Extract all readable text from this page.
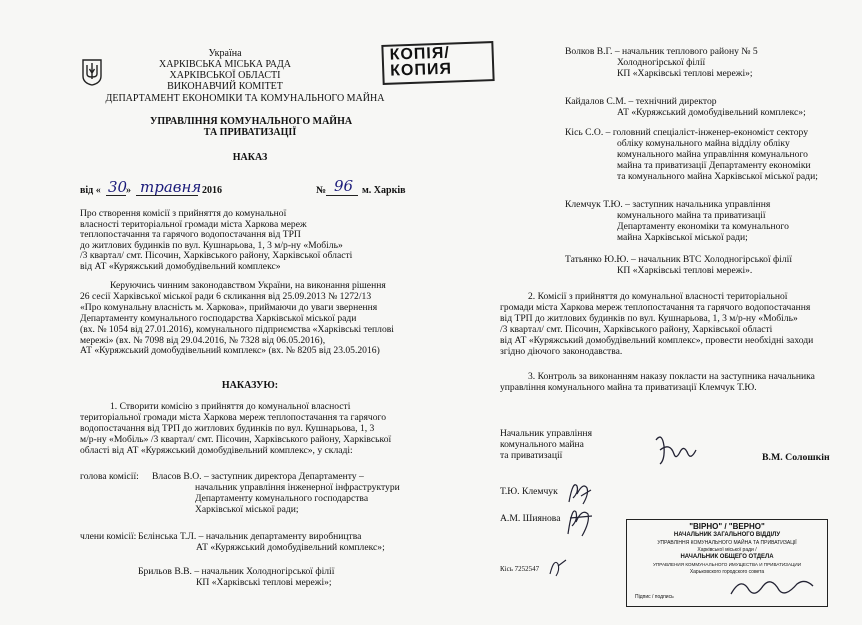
Україна
ХАРКІВСЬКА МІСЬКА РАДА
ХАРКІВСЬКОЇ ОБЛАСТІ
ВИКОНАВЧИЙ КОМІТЕТ
ДЕПАРТАМЕНТ ЕКОНОМІКИ ТА КОМУНАЛЬНОГО МАЙНА
КОПІЯ/
КОПИЯ
УПРАВЛІННЯ КОМУНАЛЬНОГО МАЙНА
ТА ПРИВАТИЗАЦІЇ
НАКАЗ
від « 30
» травня 2016	№ 96 м. Харків
Про створення комісії з прийняття до комунальної
власності територіальної громади міста Харкова мереж
теплопостачання та гарячого водопостачання від ТРП
до житлових будинків по вул. Кушнарьова, 1, 3 м/р-ну «Мобіль»
/3 квартал/ смт. Пісочин, Харківського району, Харківської області
від АТ «Куряжський домобудівельний комплекс»
Керуючись чинним законодавством України, на виконання рішення
26 сесії Харківської міської ради 6 скликання від 25.09.2013 № 1272/13
«Про комунальну власність м. Харкова», приймаючи до уваги звернення
Департаменту комунального господарства Харківської міської ради
(вх. № 1054 від 27.01.2016), комунального підприємства «Харківські теплові
мережі» (вх. № 7098 від 29.04.2016, № 7328 від 06.05.2016),
АТ «Куряжський домобудівельний комплекс» (вх. № 8205 від 23.05.2016)
НАКАЗУЮ:
1. Створити комісію з прийняття до комунальної власності
територіальної громади міста Харкова мереж теплопостачання та гарячого
водопостачання від ТРП до житлових будинків по вул. Кушнарьова, 1, 3
м/р-ну «Мобіль» /3 квартал/ смт. Пісочин, Харківського району, Харківської
області від АТ «Куряжський домобудівельний комплекс», у складі:
голова комісії: Власов В.О. – заступник директора Департаменту –
начальник управління інженерної інфраструктури
Департаменту комунального господарства
Харківської міської ради;
члени комісії: Бєлінська Т.Л. – начальник департаменту виробництва
АТ «Куряжський домобудівельний комплекс»;
Брильов В.В. – начальник Холодногірської філії
КП «Харківські теплові мережі»;
Волков В.Г. – начальник теплового району № 5
Холодногірської філії
КП «Харківські теплові мережі»;
Кайдалов С.М. – технічний директор
АТ «Куряжський домобудівельний комплекс»;
Кісь С.О. – головний спеціаліст-інженер-економіст сектору
обліку комунального майна відділу обліку
комунального майна управління комунального
майна та приватизації Департаменту економіки
та комунального майна Харківської міської ради;
Клемчук Т.Ю. – заступник начальника управління
комунального майна та приватизації
Департаменту економіки та комунального
майна Харківської міської ради;
Татьянко Ю.Ю. – начальник ВТС Холодногірської філії
КП «Харківські теплові мережі».
2. Комісії з прийняття до комунальної власності територіальної
громади міста Харкова мереж теплопостачання та гарячого водопостачання
від ТРП до житлових будинків по вул. Кушнарьова, 1, 3 м/р-ну «Мобіль»
/3 квартал/ смт. Пісочин, Харківського району, Харківської області
від АТ «Куряжський домобудівельний комплекс», провести необхідні заходи
згідно діючого законодавства.
3. Контроль за виконанням наказу покласти на заступника начальника
управління комунального майна та приватизації Клемчук Т.Ю.
Начальник управління
комунального майна
та приватизації	В.М. Солошкін
Т.Ю. Клемчук
А.М. Шиянова
Кісь 7252547
"ВІРНО" / "ВЕРНО"
НАЧАЛЬНИК ЗАГАЛЬНОГО ВІДДІЛУ
УПРАВЛІННЯ КОМУНАЛЬНОГО МАЙНА ТА ПРИВАТИЗАЦІЇ
Харківської міської ради /
НАЧАЛЬНИК ОБЩЕГО ОТДЕЛА
УПРАВЛЕНИЯ КОММУНАЛЬНОГО ИМУЩЕСТВА И ПРИВАТИЗАЦИИ
Харьковского городского совета
Підпис / подпись
